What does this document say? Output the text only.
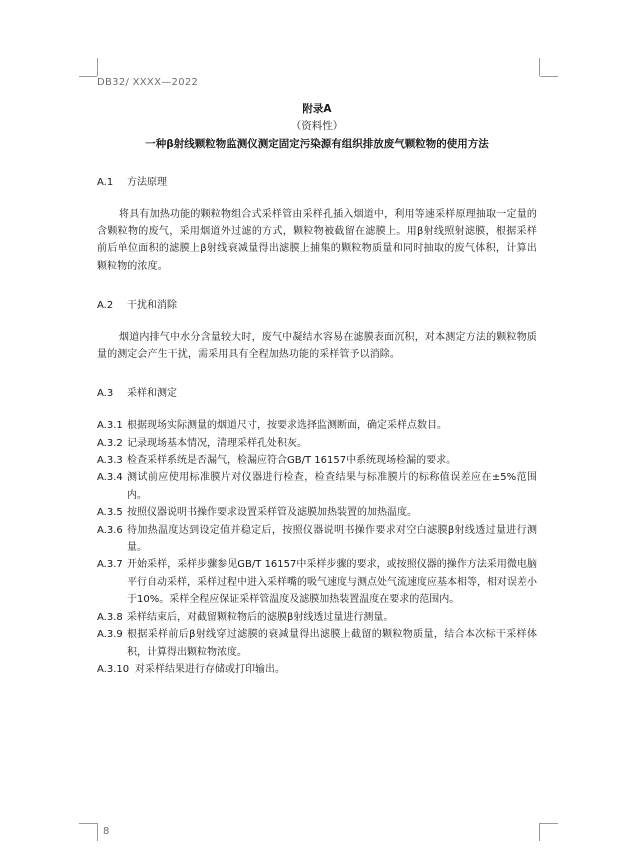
DB32/ XXXX—2022
附录A
（资料性）
一种β射线颗粒物监测仪测定固定污染源有组织排放废气颗粒物的使用方法
A.1 方法原理
将具有加热功能的颗粒物组合式采样管由采样孔插入烟道中，利用等速采样原理抽取一定量的含颗粒物的废气，采用烟道外过滤的方式，颗粒物被截留在滤膜上。用β射线照射滤膜，根据采样前后单位面积的滤膜上β射线衰减量得出滤膜上捕集的颗粒物质量和同时抽取的废气体积，计算出颗粒物的浓度。
A.2 干扰和消除
烟道内排气中水分含量较大时，废气中凝结水容易在滤膜表面沉积，对本测定方法的颗粒物质量的测定会产生干扰，需采用具有全程加热功能的采样管予以消除。
A.3 采样和测定
A.3.1 根据现场实际测量的烟道尺寸，按要求选择监测断面，确定采样点数目。
A.3.2 记录现场基本情况，清理采样孔处积灰。
A.3.3 检查采样系统是否漏气，检漏应符合GB/T 16157中系统现场检漏的要求。
A.3.4 测试前应使用标准膜片对仪器进行检查，检查结果与标准膜片的标称值误差应在±5%范围内。
A.3.5 按照仪器说明书操作要求设置采样管及滤膜加热装置的加热温度。
A.3.6 待加热温度达到设定值并稳定后，按照仪器说明书操作要求对空白滤膜β射线透过量进行测量。
A.3.7 开始采样，采样步骤参见GB/T 16157中采样步骤的要求，或按照仪器的操作方法采用微电脑平行自动采样，采样过程中进入采样嘴的吸气速度与测点处气流速度应基本相等，相对误差小于10%。采样全程应保证采样管温度及滤膜加热装置温度在要求的范围内。
A.3.8 采样结束后，对截留颗粒物后的滤膜β射线透过量进行测量。
A.3.9 根据采样前后β射线穿过滤膜的衰减量得出滤膜上截留的颗粒物质量，结合本次标干采样体积，计算得出颗粒物浓度。
A.3.10 对采样结果进行存储或打印输出。
8
